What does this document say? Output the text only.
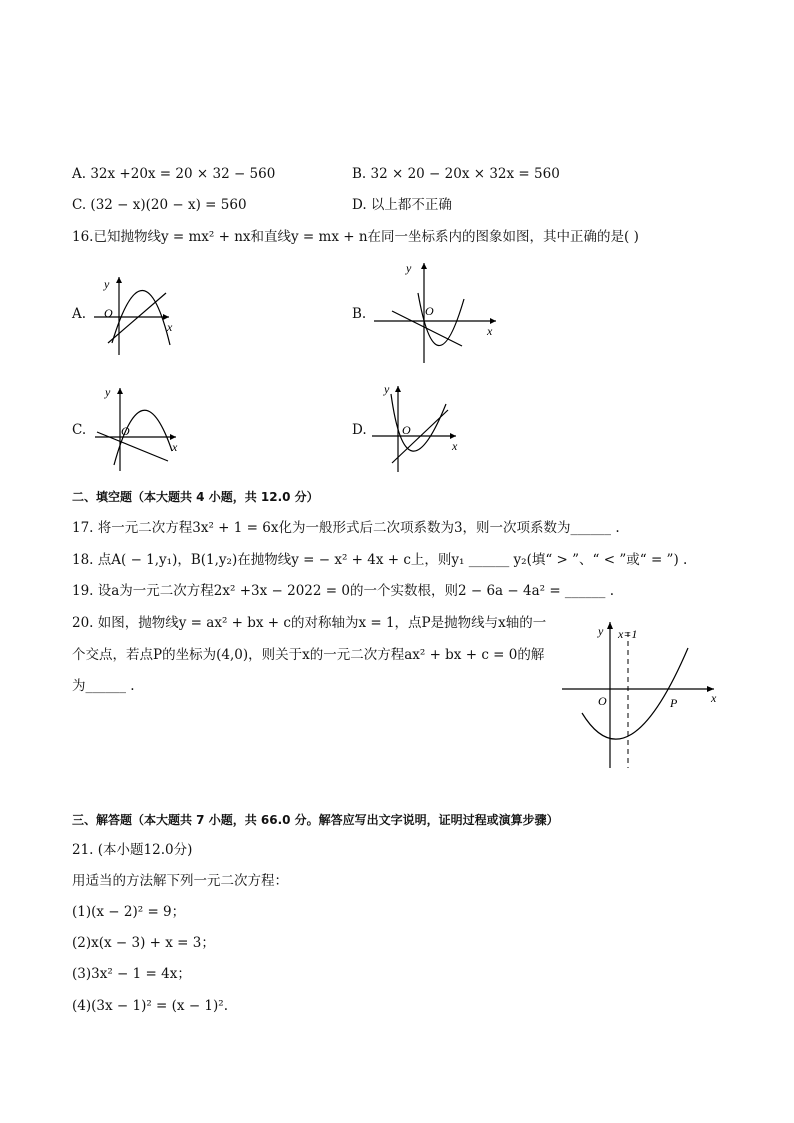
A. 32x +20x = 20 × 32 − 560	B. 32 × 20 − 20x × 32x = 560
C. (32 − x)(20 − x) = 560	D. 以上都不正确
16.已知抛物线y = mx² + nx和直线y = mx + n在同一坐标系内的图象如图，其中正确的是( )
A.
y
O
x
B.
y
O
x
C.
y
O
x
D.
y
O
x
二、填空题（本大题共 4 小题，共 12.0 分）
17. 将一元二次方程3x² + 1 = 6x化为一般形式后二次项系数为3，则一次项系数为______ .
18. 点A( − 1,y₁)，B(1,y₂)在抛物线y = − x² + 4x + c上，则y₁ ______ y₂(填“ > ”、“ < ”或“ = ”) .
19. 设a为一元二次方程2x² +3x − 2022 = 0的一个实数根，则2 − 6a − 4a² = ______ .
20. 如图，抛物线y = ax² + bx + c的对称轴为x = 1，点P是抛物线与x轴的一
个交点，若点P的坐标为(4,0)，则关于x的一元二次方程ax² + bx + c = 0的解
为______ .
y x=1
O	P	x
三、解答题（本大题共 7 小题，共 66.0 分。解答应写出文字说明，证明过程或演算步骤）
21. (本小题12.0分)
用适当的方法解下列一元二次方程：
(1)(x − 2)² = 9；
(2)x(x − 3) + x = 3；
(3)3x² − 1 = 4x；
(4)(3x − 1)² = (x − 1)².
